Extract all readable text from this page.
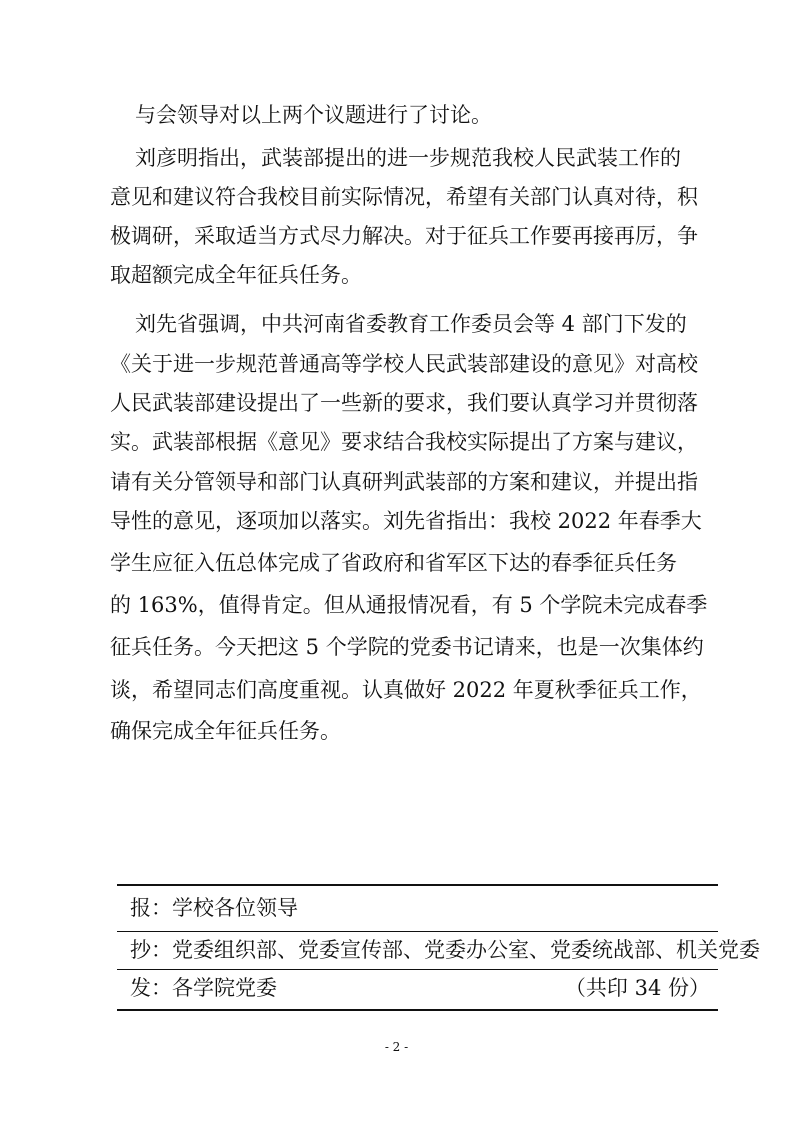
与会领导对以上两个议题进行了讨论。
刘彦明指出，武装部提出的进一步规范我校人民武装工作的
意见和建议符合我校目前实际情况，希望有关部门认真对待，积
极调研，采取适当方式尽力解决。对于征兵工作要再接再厉，争
取超额完成全年征兵任务。
刘先省强调，中共河南省委教育工作委员会等 4 部门下发的
《关于进一步规范普通高等学校人民武装部建设的意见》对高校
人民武装部建设提出了一些新的要求，我们要认真学习并贯彻落
实。武装部根据《意见》要求结合我校实际提出了方案与建议，
请有关分管领导和部门认真研判武装部的方案和建议，并提出指
导性的意见，逐项加以落实。刘先省指出：我校 2022 年春季大
学生应征入伍总体完成了省政府和省军区下达的春季征兵任务
的 163%，值得肯定。但从通报情况看，有 5 个学院未完成春季
征兵任务。今天把这 5 个学院的党委书记请来，也是一次集体约
谈，希望同志们高度重视。认真做好 2022 年夏秋季征兵工作，
确保完成全年征兵任务。
报：学校各位领导
抄：党委组织部、党委宣传部、党委办公室、党委统战部、机关党委
发：各学院党委	（共印 34 份）
- 2 -
